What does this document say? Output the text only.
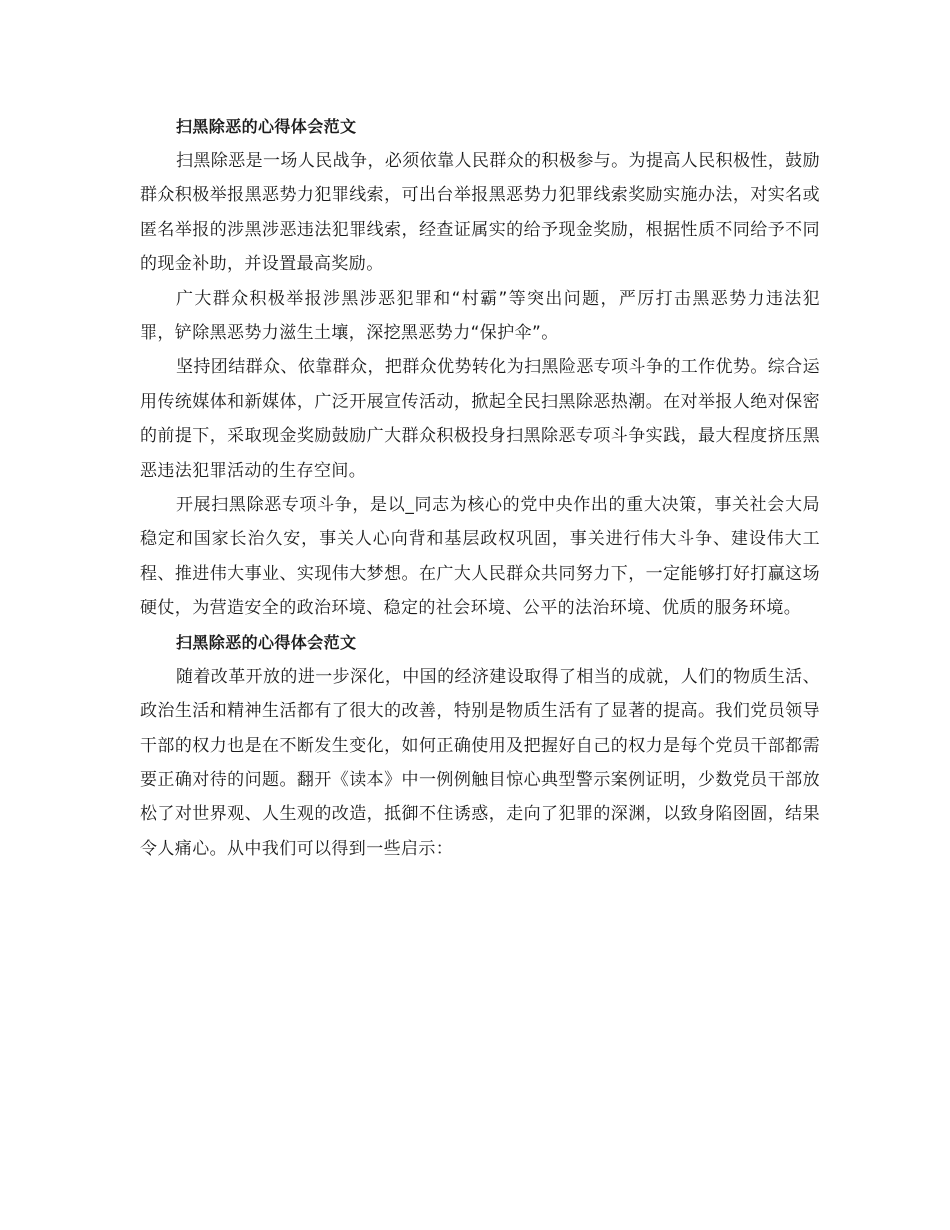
扫黑除恶的心得体会范文

扫黑除恶是一场人民战争，必须依靠人民群众的积极参与。为提高人民积极性，鼓励群众积极举报黑恶势力犯罪线索，可出台举报黑恶势力犯罪线索奖励实施办法，对实名或匿名举报的涉黑涉恶违法犯罪线索，经查证属实的给予现金奖励，根据性质不同给予不同的现金补助，并设置最高奖励。

广大群众积极举报涉黑涉恶犯罪和“村霸”等突出问题，严厉打击黑恶势力违法犯罪，铲除黑恶势力滋生土壤，深挖黑恶势力“保护伞”。

坚持团结群众、依靠群众，把群众优势转化为扫黑险恶专项斗争的工作优势。综合运用传统媒体和新媒体，广泛开展宣传活动，掀起全民扫黑除恶热潮。在对举报人绝对保密的前提下，采取现金奖励鼓励广大群众积极投身扫黑除恶专项斗争实践，最大程度挤压黑恶违法犯罪活动的生存空间。

开展扫黑除恶专项斗争，是以_同志为核心的党中央作出的重大决策，事关社会大局稳定和国家长治久安，事关人心向背和基层政权巩固，事关进行伟大斗争、建设伟大工程、推进伟大事业、实现伟大梦想。在广大人民群众共同努力下，一定能够打好打赢这场硬仗，为营造安全的政治环境、稳定的社会环境、公平的法治环境、优质的服务环境。

扫黑除恶的心得体会范文

随着改革开放的进一步深化，中国的经济建设取得了相当的成就，人们的物质生活、政治生活和精神生活都有了很大的改善，特别是物质生活有了显著的提高。我们党员领导干部的权力也是在不断发生变化，如何正确使用及把握好自己的权力是每个党员干部都需要正确对待的问题。翻开《读本》中一例例触目惊心典型警示案例证明，少数党员干部放松了对世界观、人生观的改造，抵御不住诱惑，走向了犯罪的深渊，以致身陷囹圄，结果令人痛心。从中我们可以得到一些启示：
